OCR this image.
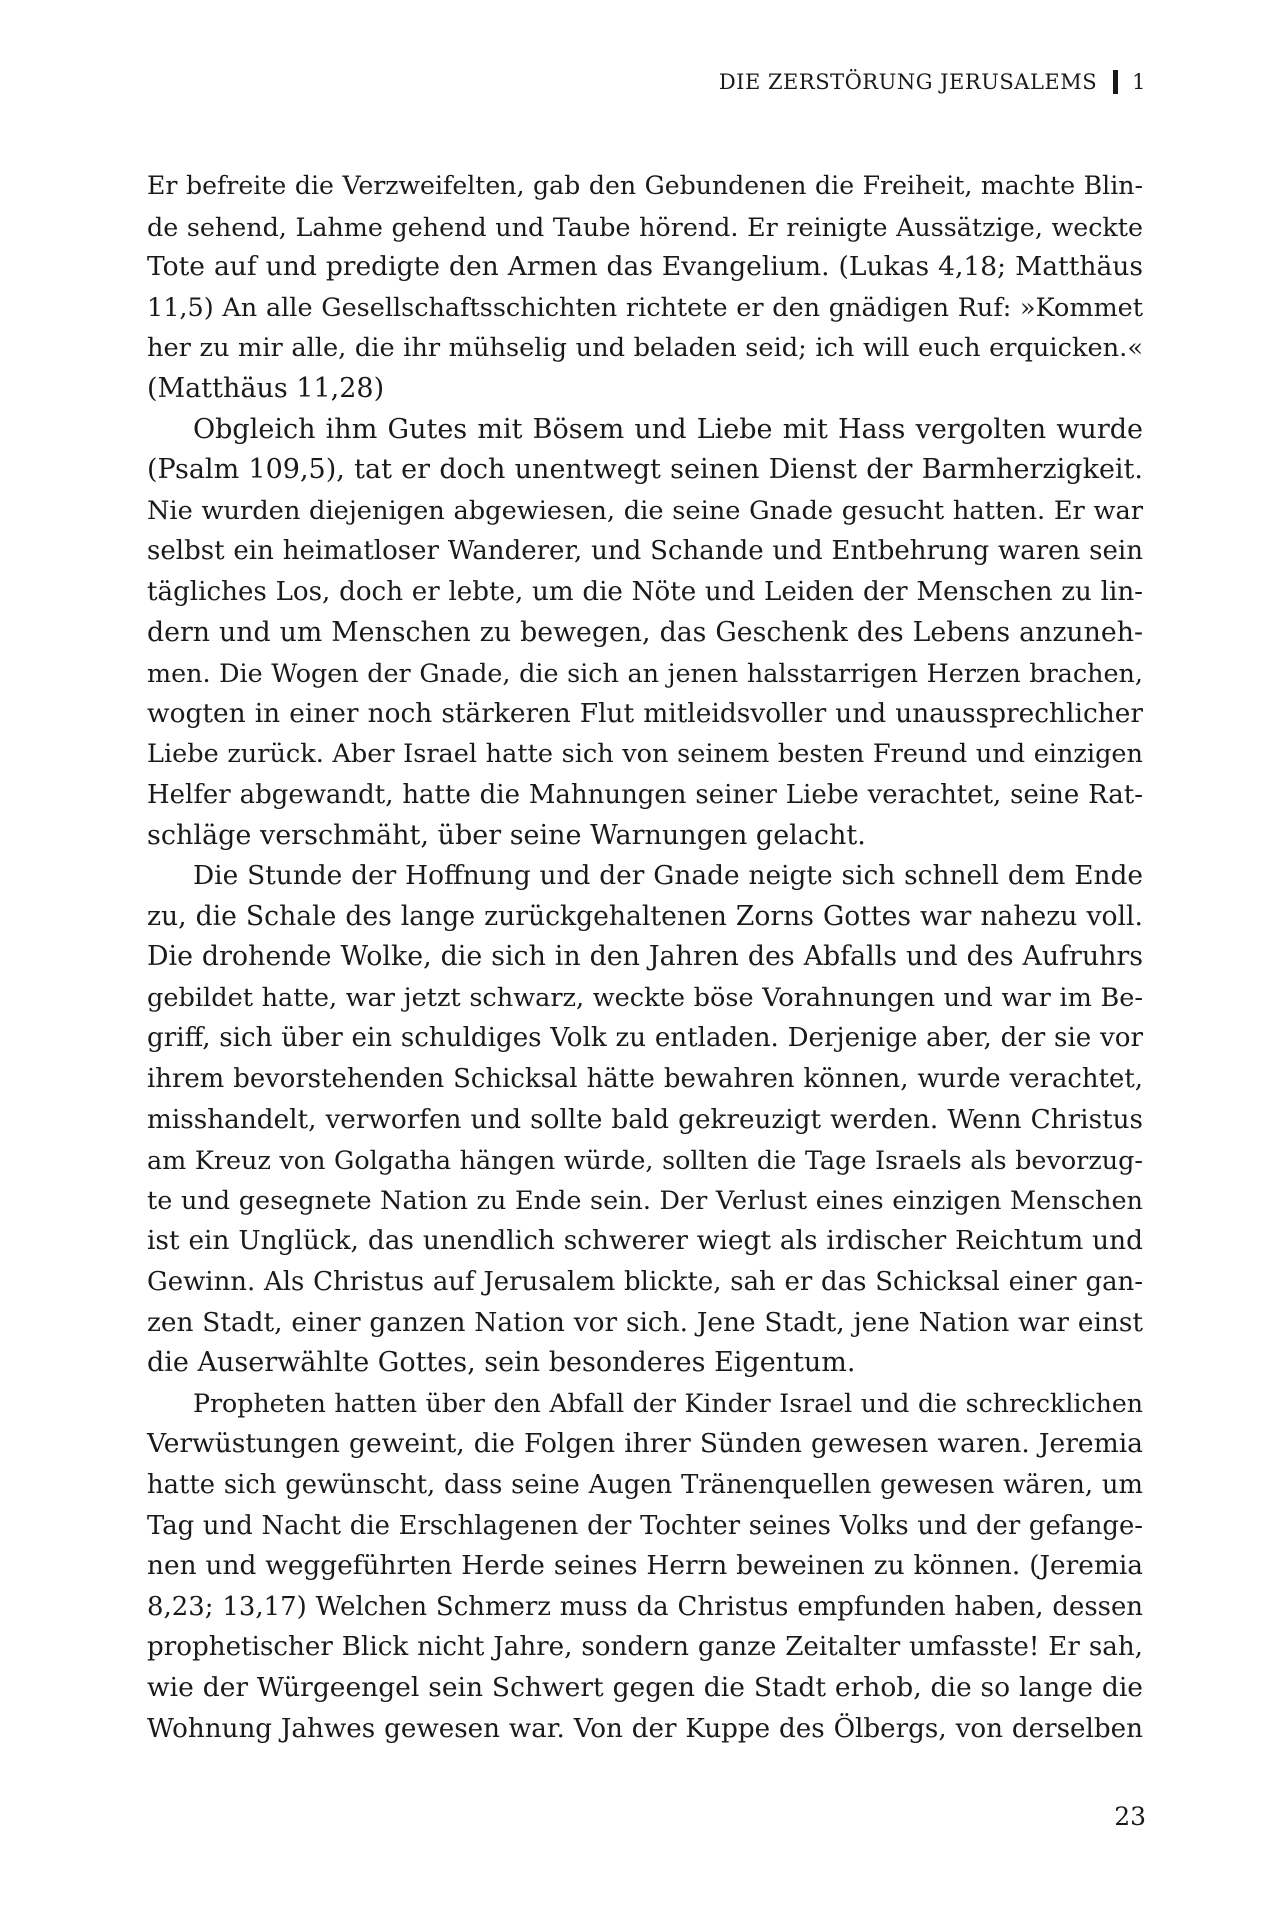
DIE ZERSTÖRUNG JERUSALEMS 1
Er befreite die Verzweifelten, gab den Gebundenen die Freiheit, machte Blin-
de sehend, Lahme gehend und Taube hörend. Er reinigte Aussätzige, weckte
Tote auf und predigte den Armen das Evangelium. (Lukas 4,18; Matthäus
11,5) An alle Gesellschaftsschichten richtete er den gnädigen Ruf: »Kommet
her zu mir alle, die ihr mühselig und beladen seid; ich will euch erquicken.«
(Matthäus 11,28)
Obgleich ihm Gutes mit Bösem und Liebe mit Hass vergolten wurde
(Psalm 109,5), tat er doch unentwegt seinen Dienst der Barmherzigkeit.
Nie wurden diejenigen abgewiesen, die seine Gnade gesucht hatten. Er war
selbst ein heimatloser Wanderer, und Schande und Entbehrung waren sein
tägliches Los, doch er lebte, um die Nöte und Leiden der Menschen zu lin-
dern und um Menschen zu bewegen, das Geschenk des Lebens anzuneh-
men. Die Wogen der Gnade, die sich an jenen halsstarrigen Herzen brachen,
wogten in einer noch stärkeren Flut mitleidsvoller und unaussprechlicher
Liebe zurück. Aber Israel hatte sich von seinem besten Freund und einzigen
Helfer abgewandt, hatte die Mahnungen seiner Liebe verachtet, seine Rat-
schläge verschmäht, über seine Warnungen gelacht.
Die Stunde der Hoffnung und der Gnade neigte sich schnell dem Ende
zu, die Schale des lange zurückgehaltenen Zorns Gottes war nahezu voll.
Die drohende Wolke, die sich in den Jahren des Abfalls und des Aufruhrs
gebildet hatte, war jetzt schwarz, weckte böse Vorahnungen und war im Be-
griff, sich über ein schuldiges Volk zu entladen. Derjenige aber, der sie vor
ihrem bevorstehenden Schicksal hätte bewahren können, wurde verachtet,
misshandelt, verworfen und sollte bald gekreuzigt werden. Wenn Christus
am Kreuz von Golgatha hängen würde, sollten die Tage Israels als bevorzug-
te und gesegnete Nation zu Ende sein. Der Verlust eines einzigen Menschen
ist ein Unglück, das unendlich schwerer wiegt als irdischer Reichtum und
Gewinn. Als Christus auf Jerusalem blickte, sah er das Schicksal einer gan-
zen Stadt, einer ganzen Nation vor sich. Jene Stadt, jene Nation war einst
die Auserwählte Gottes, sein besonderes Eigentum.
Propheten hatten über den Abfall der Kinder Israel und die schrecklichen
Verwüstungen geweint, die Folgen ihrer Sünden gewesen waren. Jeremia
hatte sich gewünscht, dass seine Augen Tränenquellen gewesen wären, um
Tag und Nacht die Erschlagenen der Tochter seines Volks und der gefange-
nen und weggeführten Herde seines Herrn beweinen zu können. (Jeremia
8,23; 13,17) Welchen Schmerz muss da Christus empfunden haben, dessen
prophetischer Blick nicht Jahre, sondern ganze Zeitalter umfasste! Er sah,
wie der Würgeengel sein Schwert gegen die Stadt erhob, die so lange die
Wohnung Jahwes gewesen war. Von der Kuppe des Ölbergs, von derselben
23
